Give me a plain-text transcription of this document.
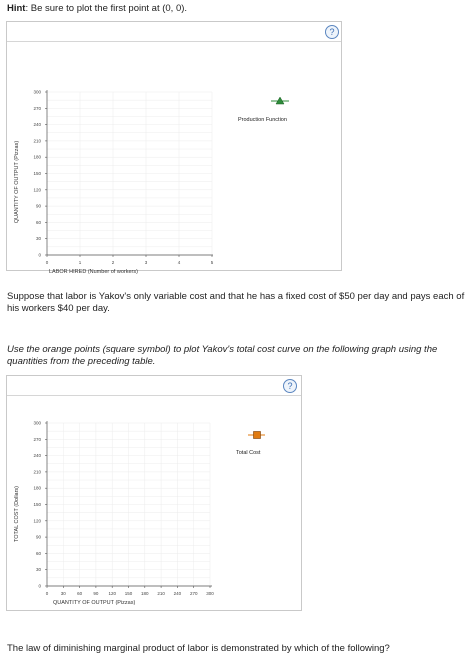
Hint: Be sure to plot the first point at (0, 0).
?
0
30
60
90
120
150
180
210
240
270
300
0	1	2	3	4	5
QUANTITY OF OUTPUT (Pizzas)
LABOR HIRED (Number of workers)
Production Function
Suppose that labor is Yakov's only variable cost and that he has a fixed cost of $50 per day and pays each of his workers $40 per day.
Use the orange points (square symbol) to plot Yakov's total cost curve on the following graph using the quantities from the preceding table.
?
0
30
60
90
120
150
180
210
240
270
300
0	30	60	90 120 150 180 210 240 270 300
TOTAL COST (Dollars)
QUANTITY OF OUTPUT (Pizzas)
Total Cost
The law of diminishing marginal product of labor is demonstrated by which of the following?
